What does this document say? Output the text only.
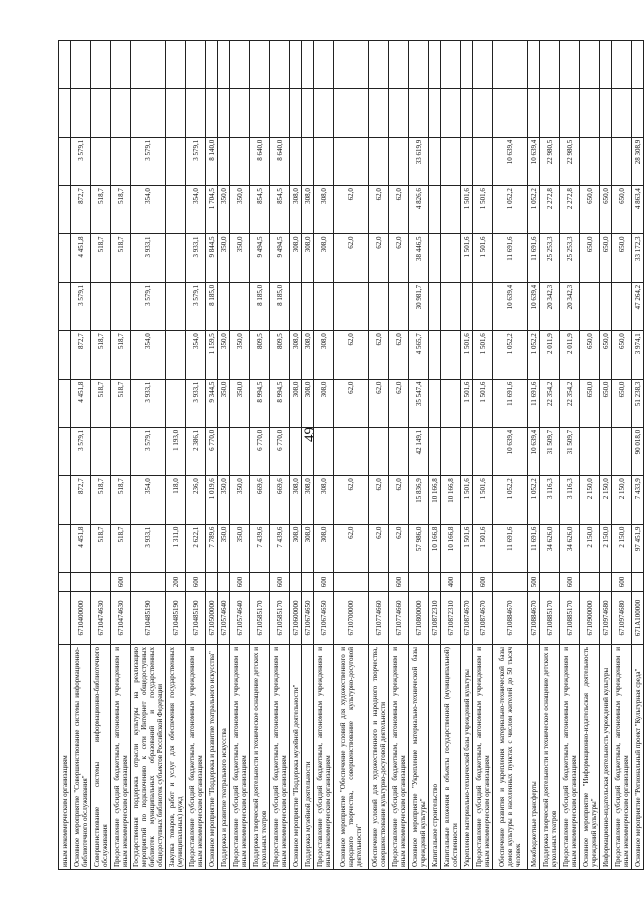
49
иным некоммерческим организациям													
Основное мероприятие "Совершенствование системы информационно-библиотечного обслуживания"	6710400000		4 451,8	872,7	3 579,1	4 451,8	872,7	3 579,1	4 451,8	872,7	3 579,1		
Совершенствование системы информационно-библиотечного обслуживания	6710474630		518,7	518,7		518,7	518,7		518,7	518,7			
Предоставление субсидий бюджетным, автономным учреждениям и иным некоммерческим организациям	6710474630	600	518,7	518,7		518,7	518,7		518,7	518,7			
Государственная поддержка отрасли культуры на реализацию мероприятий по подключению к сети Интернет общедоступных библиотек муниципальных образований и государственных общедоступных библиотек субъектов Российской Федерации	6710485190		3 933,1	354,0	3 579,1	3 933,1	354,0	3 579,1	3 933,1	354,0	3 579,1		
Закупка товаров, работ и услуг для обеспечения государственных (муниципальных) нужд	6710485190	200	1 311,0	118,0	1 193,0								
Предоставление субсидий бюджетным, автономным учреждениям и иным некоммерческим организациям	6710485190	600	2 622,1	236,0	2 386,1	3 933,1	354,0	3 579,1	3 933,1	354,0	3 579,1		
Основное мероприятие "Поддержка и развитие театрального искусства"	6710500000		7 789,6	1 019,6	6 770,0	9 344,5	1 159,5	8 185,0	9 844,5	1 704,5	8 140,0		
Поддержка и развитие театрального искусства	6710574640		350,0	350,0		350,0	350,0		350,0	350,0			
Предоставление субсидий бюджетным, автономным учреждениям и иным некоммерческим организациям	6710574640	600	350,0	350,0		350,0	350,0		350,0	350,0			
Поддержка творческой деятельности и техническое оснащение детских и кукольных театров	6710585170		7 439,6	669,6	6 770,0	8 994,5	809,5	8 185,0	9 494,5	854,5	8 640,0		
Предоставление субсидий бюджетным, автономным учреждениям и иным некоммерческим организациям	6710585170	600	7 439,6	669,6	6 770,0	8 994,5	809,5	8 185,0	9 494,5	854,5	8 640,0		
Основное мероприятие "Поддержка музейной деятельности"	6710600000		308,0	308,0		308,0	308,0		308,0	308,0			
Поддержка музейной деятельности	6710674650		308,0	308,0		308,0	308,0		308,0	308,0			
Предоставление субсидий бюджетным, автономным учреждениям и иным некоммерческим организациям	6710674650	600	308,0	308,0		308,0	308,0		308,0	308,0			
Основное мероприятие "Обеспечение условий для художественного и народного творчества, совершенствование культурно-досуговой деятельности"	6710700000		62,0	62,0		62,0	62,0		62,0	62,0			
Обеспечение условий для художественного и народного творчества, совершенствование культурно-досуговой деятельности	6710774660		62,0	62,0		62,0	62,0		62,0	62,0			
Предоставление субсидий бюджетным, автономным учреждениям и иным некоммерческим организациям	6710774660	600	62,0	62,0		62,0	62,0		62,0	62,0			
Основное мероприятие "Укрепление материально-технической базы учреждений культуры"	6710800000		57 986,0	15 836,9	42 149,1	35 547,4	4 565,7	30 981,7	38 446,5	4 826,6	33 619,9		
Капитальное строительство	6710872310		10 166,8	10 166,8									
Капитальные вложения в объекты государственной (муниципальной) собственности	6710872310	400	10 166,8	10 166,8									
Укрепление материально-технической базы учреждений культуры	6710874670		1 501,6	1 501,6		1 501,6	1 501,6		1 501,6	1 501,6			
Предоставление субсидий бюджетным, автономным учреждениям и иным некоммерческим организациям	6710874670	600	1 501,6	1 501,6		1 501,6	1 501,6		1 501,6	1 501,6			
Обеспечение развития и укрепления материально-технической базы домов культуры в населенных пунктах с числом жителей до 50 тысяч человек	6710884670		11 691,6	1 052,2	10 639,4	11 691,6	1 052,2	10 639,4	11 691,6	1 052,2	10 639,4		
Межбюджетные трансферты	6710884670	500	11 691,6	1 052,2	10 639,4	11 691,6	1 052,2	10 639,4	11 691,6	1 052,2	10 639,4		
Поддержка творческой деятельности и техническое оснащение детских и кукольных театров	6710885170		34 626,0	3 116,3	31 509,7	22 354,2	2 011,9	20 342,3	25 253,3	2 272,8	22 980,5		
Предоставление субсидий бюджетным, автономным учреждениям и иным некоммерческим организациям	6710885170	600	34 626,0	3 116,3	31 509,7	22 354,2	2 011,9	20 342,3	25 253,3	2 272,8	22 980,5		
Основное мероприятие "Информационно-издательская деятельность учреждений культуры"	6710900000		2 150,0	2 150,0		650,0	650,0		650,0	650,0			
Информационно-издательская деятельность учреждений культуры	6710974680		2 150,0	2 150,0		650,0	650,0		650,0	650,0			
Предоставление субсидий бюджетным, автономным учреждениям и иным некоммерческим организациям	6710974680	600	2 150,0	2 150,0		650,0	650,0		650,0	650,0			
Основное мероприятие "Региональный проект "Культурная среда"	671A100000		97 451,9	7 433,9	90 018,0	51 238,3	3 974,1	47 264,2	33 172,3	4 863,4	28 308,9		
